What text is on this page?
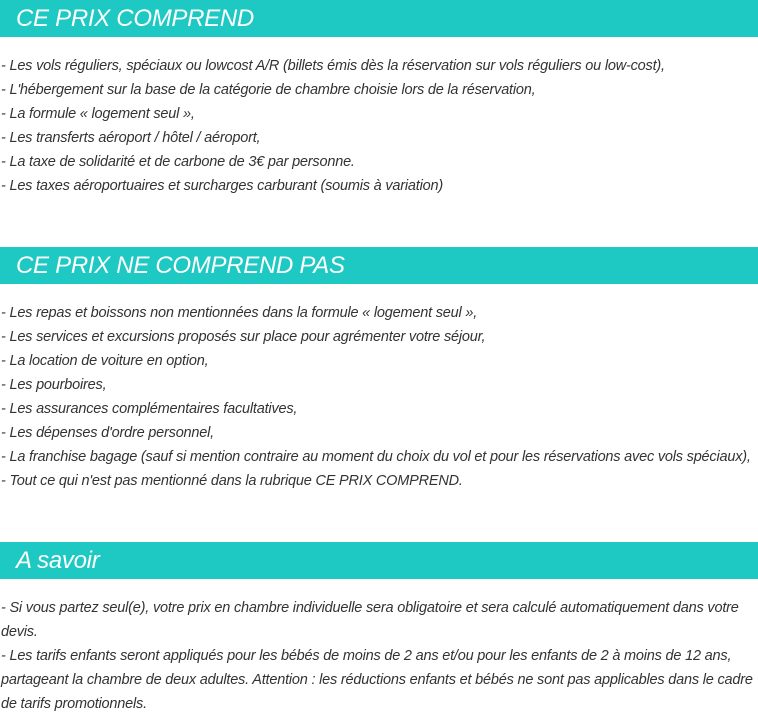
CE PRIX COMPREND
- Les vols réguliers, spéciaux ou lowcost A/R (billets émis dès la réservation sur vols réguliers ou low-cost),
- L'hébergement sur la base de la catégorie de chambre choisie lors de la réservation,
- La formule « logement seul »,
- Les transferts aéroport / hôtel / aéroport,
- La taxe de solidarité et de carbone de 3€ par personne.
- Les taxes aéroportuaires et surcharges carburant (soumis à variation)
CE PRIX NE COMPREND PAS
- Les repas et boissons non mentionnées dans la formule « logement seul »,
- Les services et excursions proposés sur place pour agrémenter votre séjour,
- La location de voiture en option,
- Les pourboires,
- Les assurances complémentaires facultatives,
- Les dépenses d'ordre personnel,
- La franchise bagage (sauf si mention contraire au moment du choix du vol et pour les réservations avec vols spéciaux),
- Tout ce qui n'est pas mentionné dans la rubrique CE PRIX COMPREND.
A savoir
- Si vous partez seul(e), votre prix en chambre individuelle sera obligatoire et sera calculé automatiquement dans votre devis.
- Les tarifs enfants seront appliqués pour les bébés de moins de 2 ans et/ou pour les enfants de 2 à moins de 12 ans, partageant la chambre de deux adultes. Attention : les réductions enfants et bébés ne sont pas applicables dans le cadre de tarifs promotionnels.
